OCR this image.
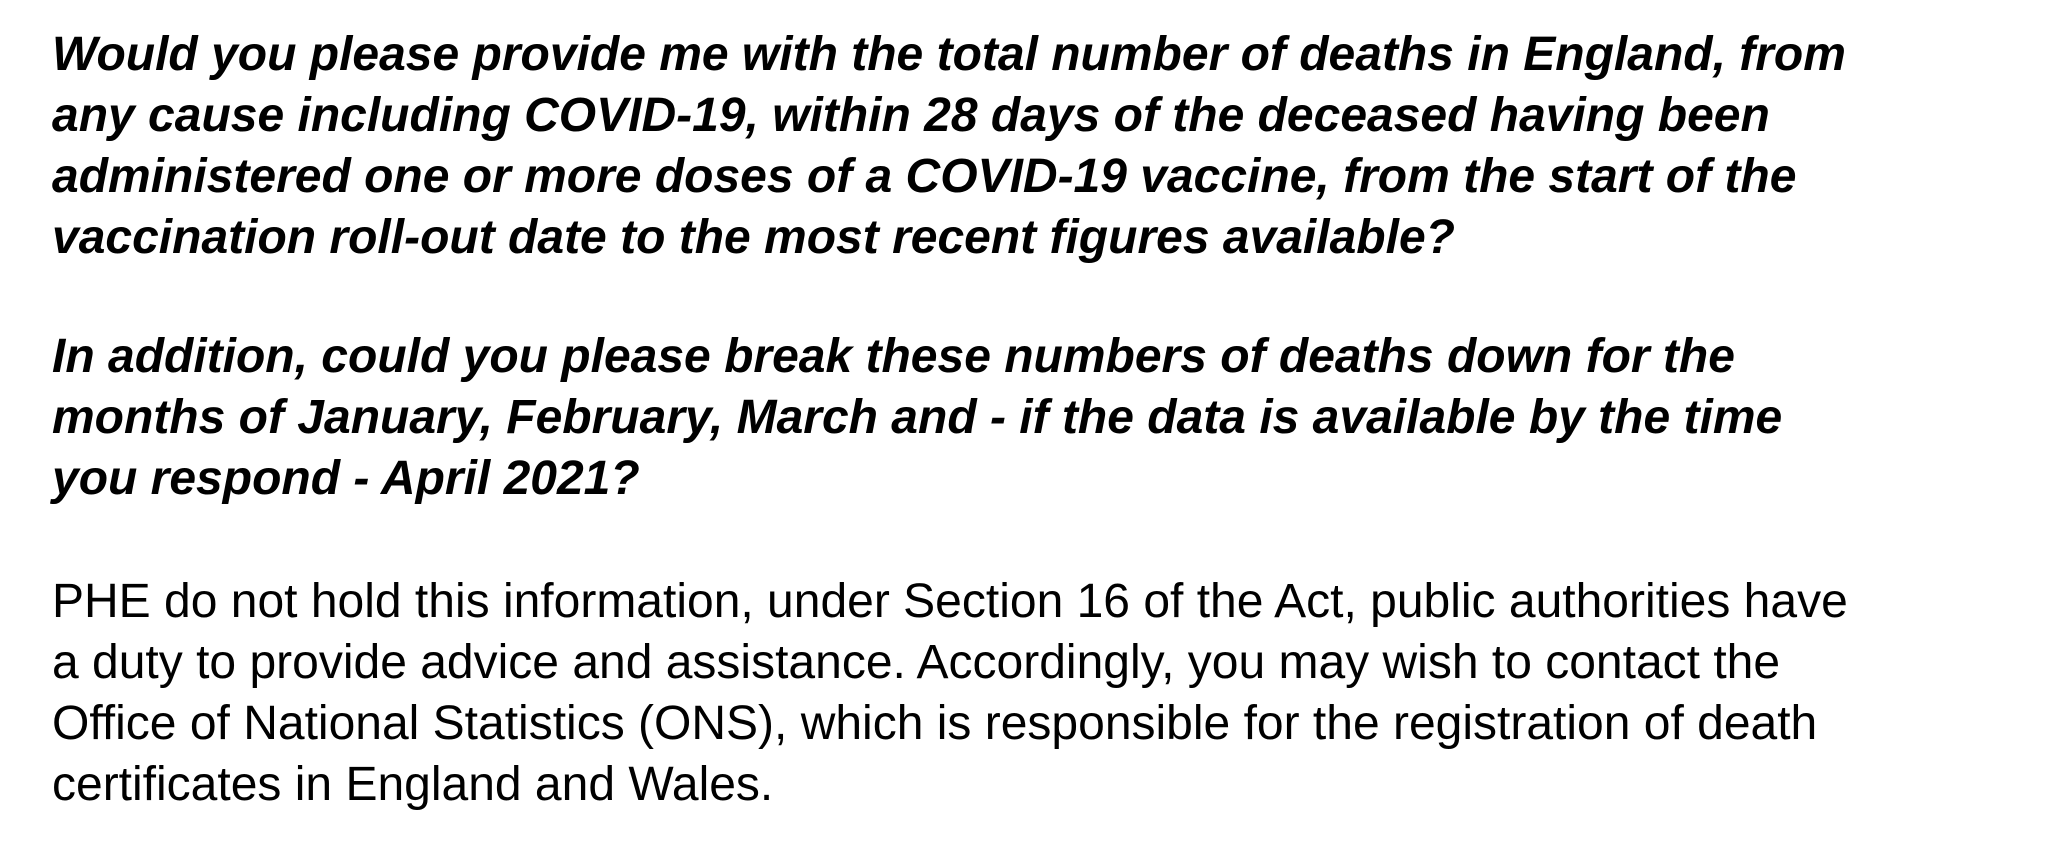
Would you please provide me with the total number of deaths in England, from
any cause including COVID-19, within 28 days of the deceased having been
administered one or more doses of a COVID-19 vaccine, from the start of the
vaccination roll-out date to the most recent figures available?
In addition, could you please break these numbers of deaths down for the
months of January, February, March and - if the data is available by the time
you respond - April 2021?
PHE do not hold this information, under Section 16 of the Act, public authorities have
a duty to provide advice and assistance. Accordingly, you may wish to contact the
Office of National Statistics (ONS), which is responsible for the registration of death
certificates in England and Wales.
